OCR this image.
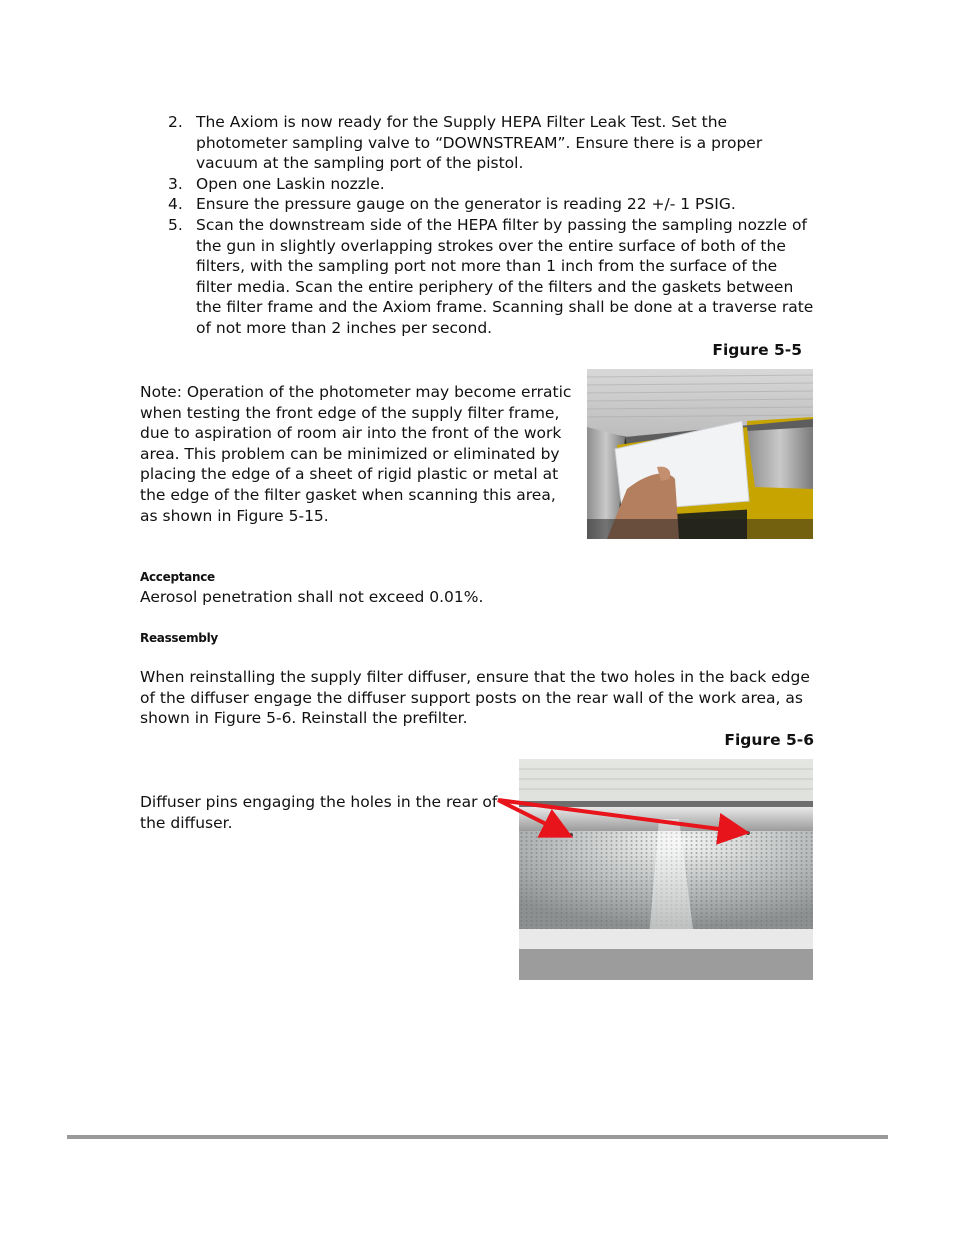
2. The Axiom is now ready for the Supply HEPA Filter Leak Test. Set the photometer sampling valve to “DOWNSTREAM”. Ensure there is a proper vacuum at the sampling port of the pistol.
3. Open one Laskin nozzle.
4. Ensure the pressure gauge on the generator is reading 22 +/- 1 PSIG.
5. Scan the downstream side of the HEPA filter by passing the sampling nozzle of the gun in slightly overlapping strokes over the entire surface of both of the filters, with the sampling port not more than 1 inch from the surface of the filter media. Scan the entire periphery of the filters and the gaskets between the filter frame and the Axiom frame. Scanning shall be done at a traverse rate of not more than 2 inches per second.
Figure 5-5
Note: Operation of the photometer may become erratic when testing the front edge of the supply filter frame, due to aspiration of room air into the front of the work area. This problem can be minimized or eliminated by placing the edge of a sheet of rigid plastic or metal at the edge of the filter gasket when scanning this area, as shown in Figure 5-15.
Acceptance
Aerosol penetration shall not exceed 0.01%.
Reassembly
When reinstalling the supply filter diffuser, ensure that the two holes in the back edge of the diffuser engage the diffuser support posts on the rear wall of the work area, as shown in Figure 5-6. Reinstall the prefilter.
Figure 5-6
Diffuser pins engaging the holes in the rear of the diffuser.
